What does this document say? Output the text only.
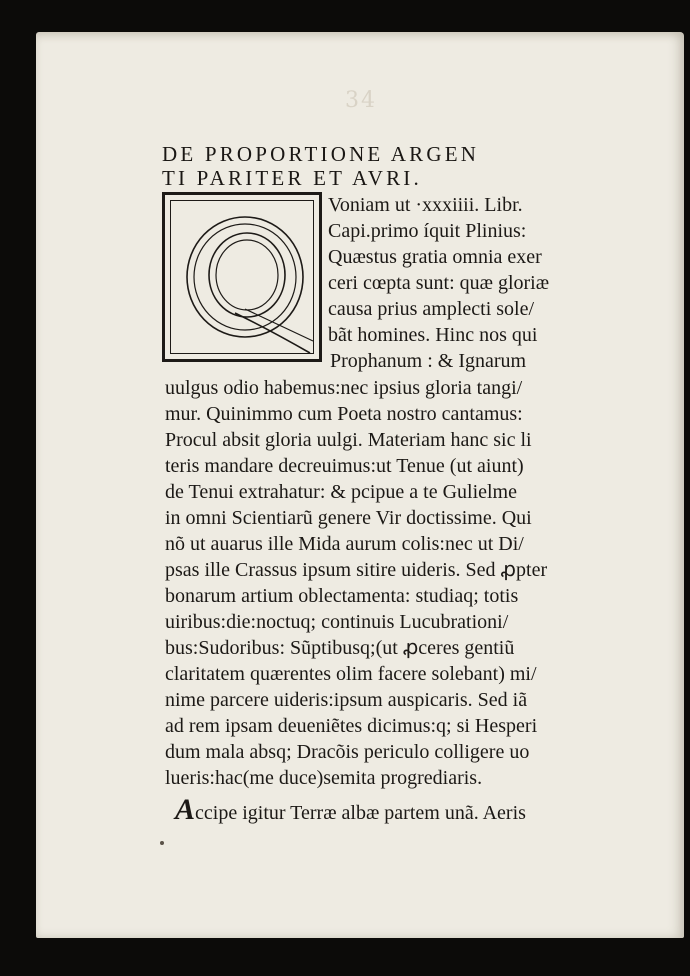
34
DE PROPORTIONE ARGEN
TI PARITER ET AVRI.
Q
Voniam ut ·xxxiiii. Libr.
Capi.primo íquit Plinius:
Quæstus gratia omnia exer
ceri cœpta sunt: quæ gloriæ
causa prius amplecti sole/
bãt homines. Hinc nos qui
Prophanum : & Ignarum
uulgus odio habemus:nec ipsius gloria tangi/
mur. Quinimmo cum Poeta nostro cantamus:
Procul absit gloria uulgi. Materiam hanc sic li
teris mandare decreuimus:ut Tenue (ut aiunt)
de Tenui extrahatur: & pcipue a te Gulielme
in omni Scientiarũ genere Vir doctissime. Qui
nõ ut auarus ille Mida aurum colis:nec ut Di/
psas ille Crassus ipsum sitire uideris. Sed ꝓpter
bonarum artium oblectamenta: studiaq; totis
uiribus:die:noctuq; continuis Lucubrationi/
bus:Sudoribus: Sũptibusq;(ut ꝓceres gentiũ
claritatem quærentes olim facere solebant) mi/
nime parcere uideris:ipsum auspicaris. Sed iã
ad rem ipsam deueniẽtes dicimus:q; si Hesperi
dum mala absq; Dracõis periculo colligere uo
lueris:hac(me duce)semita progrediaris.
Accipe igitur Terræ albæ partem unã. Aeris
